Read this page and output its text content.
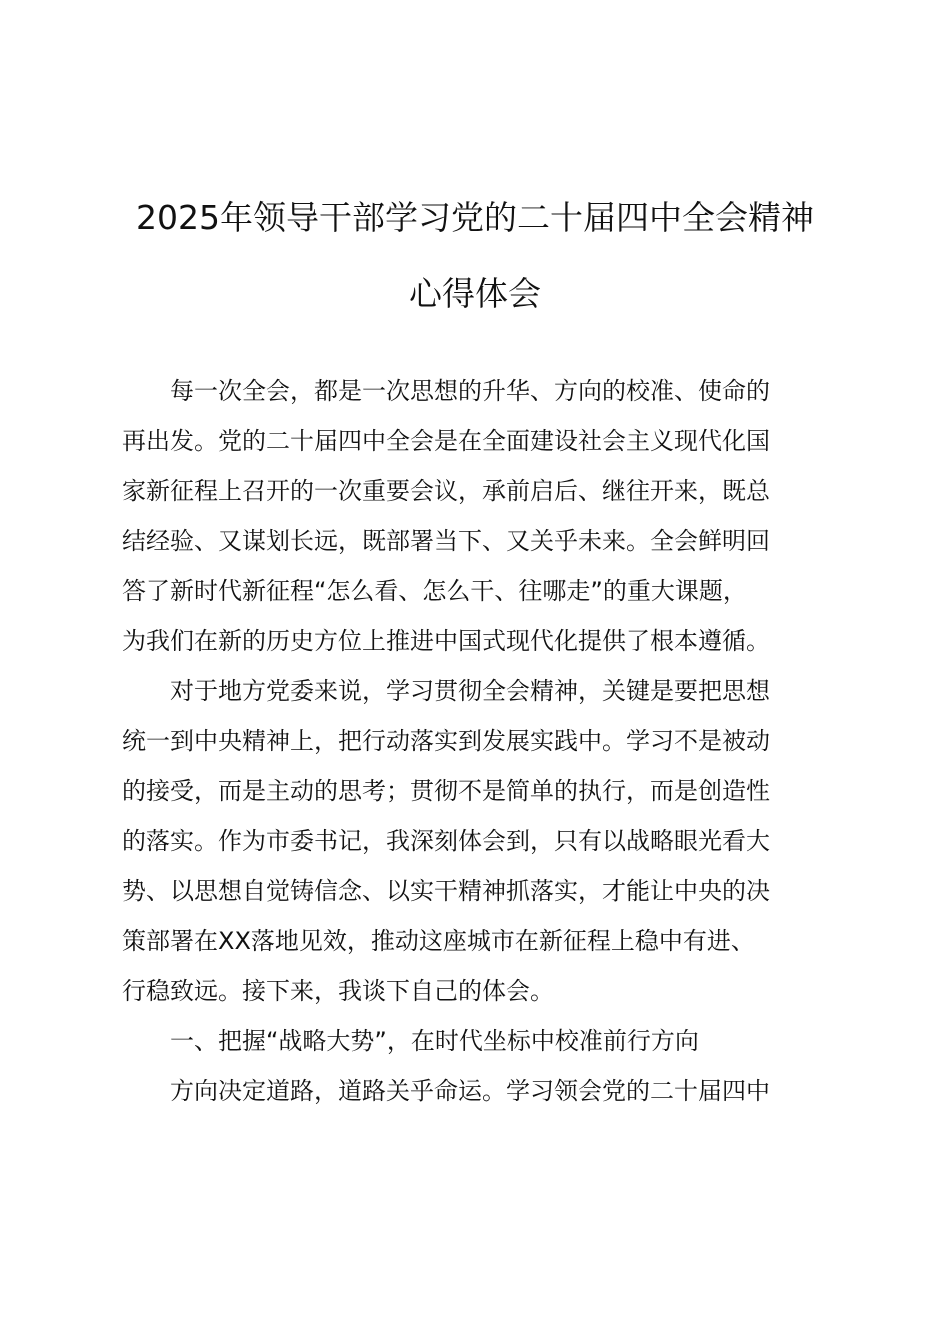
2025年领导干部学习党的二十届四中全会精神
心得体会

每一次全会，都是一次思想的升华、方向的校准、使命的

再出发。党的二十届四中全会是在全面建设社会主义现代化国

家新征程上召开的一次重要会议，承前启后、继往开来，既总

结经验、又谋划长远，既部署当下、又关乎未来。全会鲜明回

答了新时代新征程“怎么看、怎么干、往哪走”的重大课题，

为我们在新的历史方位上推进中国式现代化提供了根本遵循。

对于地方党委来说，学习贯彻全会精神，关键是要把思想

统一到中央精神上，把行动落实到发展实践中。学习不是被动

的接受，而是主动的思考；贯彻不是简单的执行，而是创造性

的落实。作为市委书记，我深刻体会到，只有以战略眼光看大

势、以思想自觉铸信念、以实干精神抓落实，才能让中央的决

策部署在XX落地见效，推动这座城市在新征程上稳中有进、

行稳致远。接下来，我谈下自己的体会。

一、把握“战略大势”，在时代坐标中校准前行方向

方向决定道路，道路关乎命运。学习领会党的二十届四中
